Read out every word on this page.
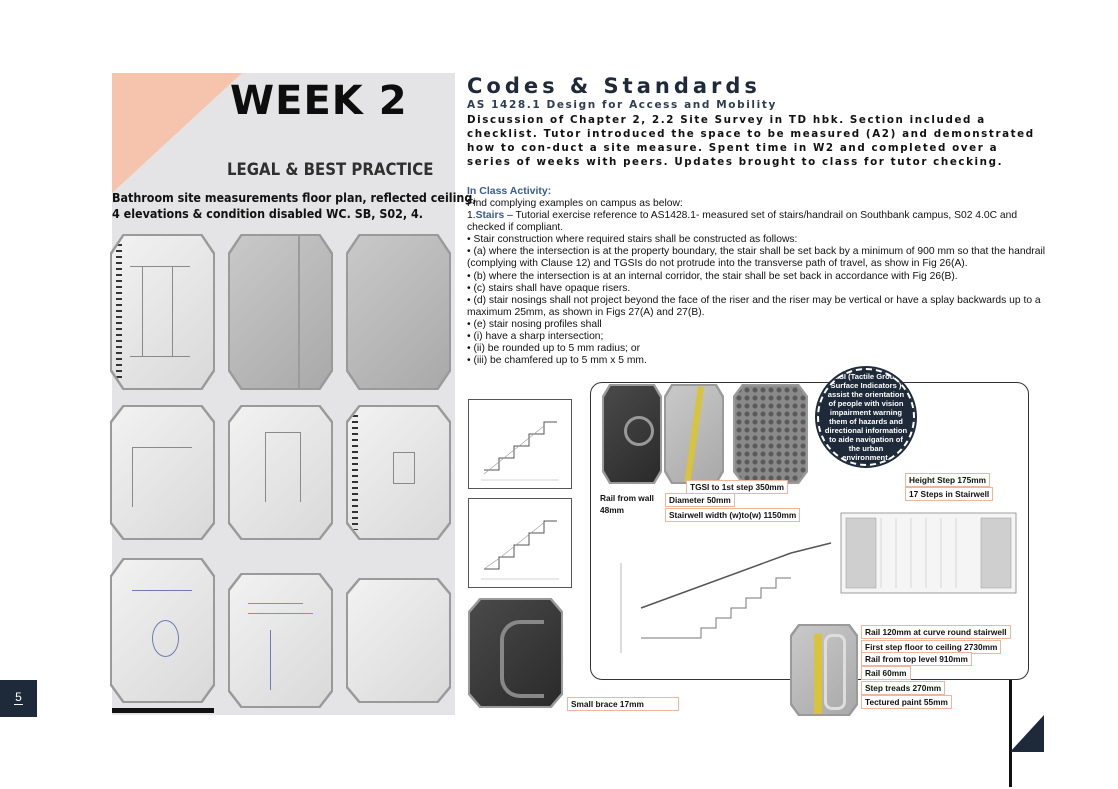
WEEK 2
LEGAL & BEST PRACTICE
Bathroom site measurements floor plan, reflected ceiling,
4 elevations & condition disabled WC. SB, S02, 4.
Codes & Standards
AS 1428.1 Design for Access and Mobility
Discussion of Chapter 2, 2.2 Site Survey in TD hbk. Section included a checklist. Tutor introduced the space to be measured (A2) and demonstrated how to con-duct a site measure. Spent time in W2 and completed over a series of weeks with peers. Updates brought to class for tutor checking.
In Class Activity:

Find complying examples on campus as below:

1.Stairs – Tutorial exercise reference to AS1428.1- measured set of stairs/handrail on Southbank campus, S02 4.0C and checked if compliant.

• Stair construction where required stairs shall be constructed as follows:

• (a) where the intersection is at the property boundary, the stair shall be set back by a minimum of 900 mm so that the handrail (complying with Clause 12) and TGSIs do not protrude into the transverse path of travel, as show in Fig 26(A).

• (b) where the intersection is at an internal corridor, the stair shall be set back in accordance with Fig 26(B).

• (c) stairs shall have opaque risers.

• (d) stair nosings shall not project beyond the face of the riser and the riser may be vertical or have a splay backwards up to a maximum 25mm, as shown in Figs 27(A) and 27(B).

• (e) stair nosing profiles shall

• (i) have a sharp intersection;

• (ii) be rounded up to 5 mm radius; or

• (iii) be chamfered up to 5 mm x 5 mm.

TGSI (Tactile Ground Surface Indicators ) assist the orientation of people with vision impairment warning them of hazards and directional information to aide navigation of the urban environment.
TGSI to 1st step 350mm
Rail from wall
48mm
Diameter 50mm
Stairwell width (w)to(w) 1150mm
Height Step 175mm
17 Steps in Stairwell
Rail 120mm at curve round stairwell
First step floor to ceiling 2730mm
Rail from top level 910mm
Rail 60mm
Step treads 270mm
Tectured paint 55mm
Small brace 17mm
5
